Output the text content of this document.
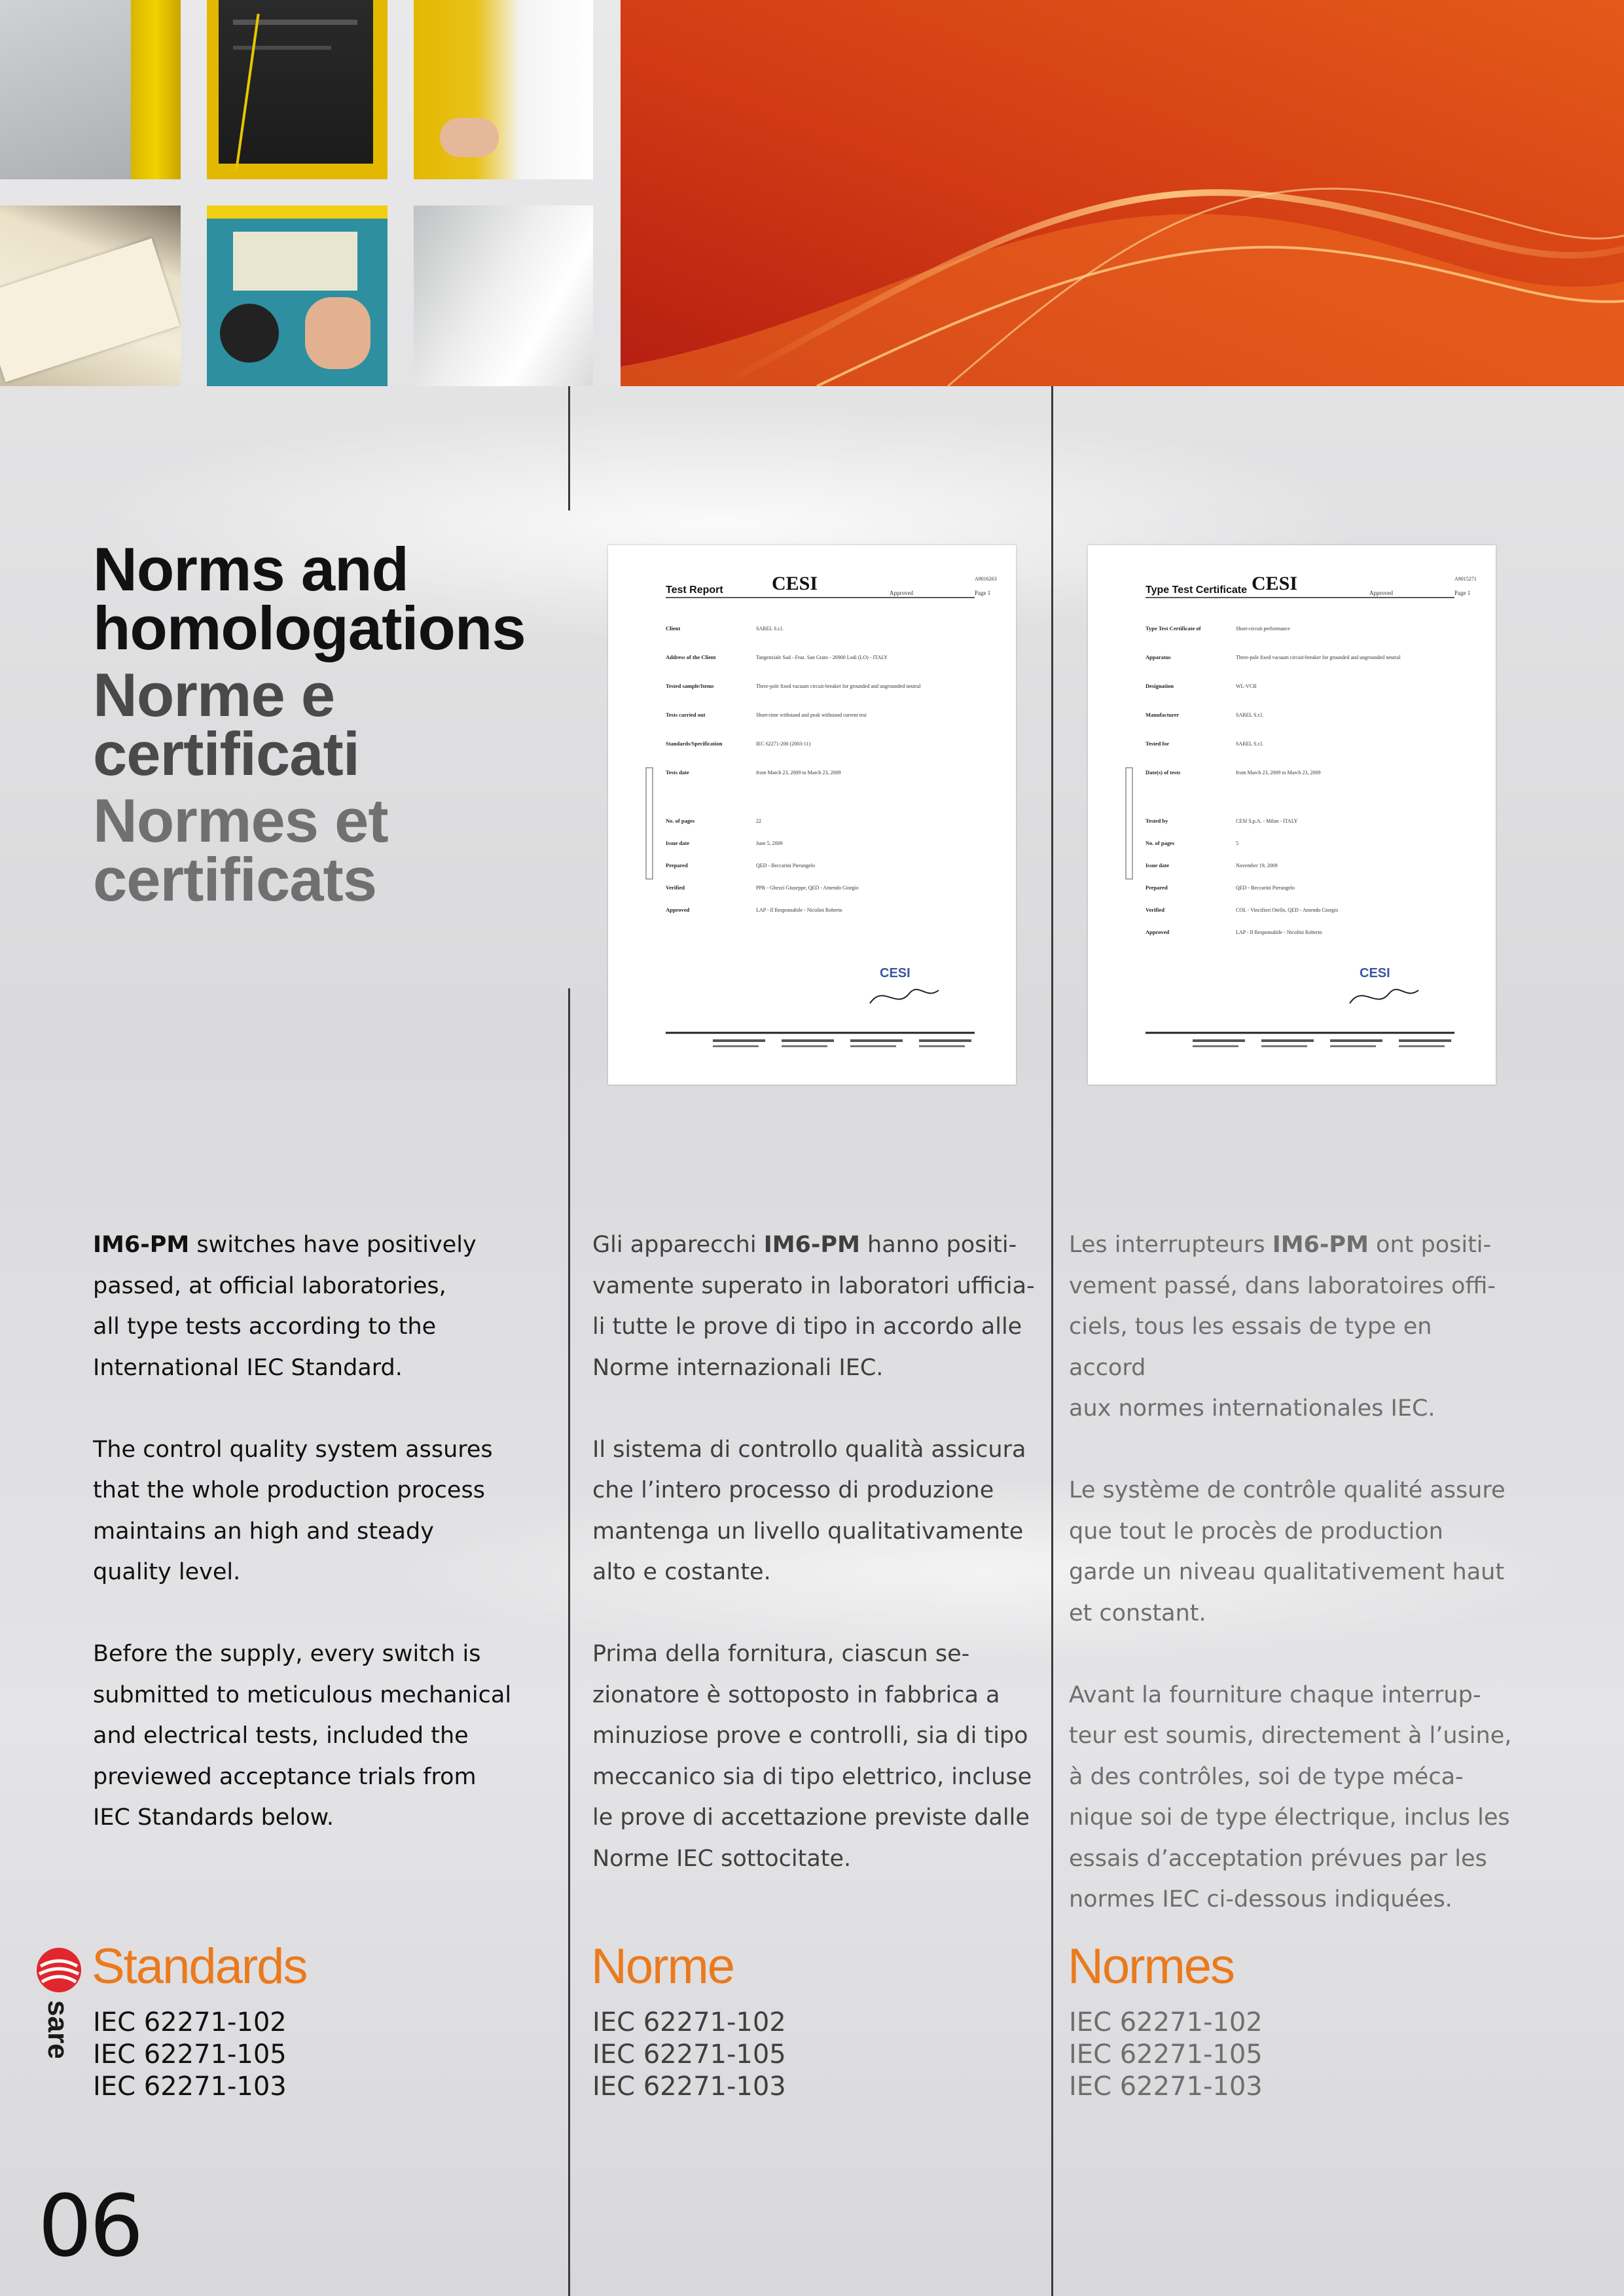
Norms and
homologations
Norme e
certificati
Normes et
certificats
Test Report CESI	Approved
A9016263
Page 1
Client	SAREL S.r.l.
Address of the Client	Tangenziale Sud - Fraz. San Grato - 26900 Lodi (LO) - ITALY
Tested sample/Items	Three-pole fixed vacuum circuit-breaker for grounded and ungrounded neutral
Tests carried out	Short-time withstand and peak withstand current test
Standards/Specification	IEC 62271-200 (2003-11)
Tests date	from March 23, 2009 to March 23, 2009
No. of pages	22
Issue date	June 5, 2009
Prepared	QED - Beccarini Pierangelo
Verified	PPR - Ghezzi Giuseppe, QED - Amendo Giorgio
Approved	LAP - Il Responsabile - Nicolini Roberto
CESI
Type Test Certificate CESI	Approved
A9015271
Page 1
Type Test Certificate of	Short-circuit performance
Apparatus	Three-pole fixed vacuum circuit-breaker for grounded and ungrounded neutral
Designation	WL-VCB
Manufacturer	SAREL S.r.l.
Tested for	SAREL S.r.l.
Date(s) of tests	from March 23, 2009 to March 23, 2009
Tested by	CESI S.p.A. - Milan - ITALY
No. of pages	5
Issue date	November 19, 2009
Prepared	QED - Beccarini Pierangelo
Verified	COL - Vincifiori Otello, QED - Amendo Giorgio
Approved	LAP - Il Responsabile - Nicolini Roberto
CESI

IM6-PM switches have positively
passed, at official laboratories,
all type tests according to the
International IEC Standard.

The control quality system assures
that the whole production process
maintains an high and steady
quality level.

Before the supply, every switch is
submitted to meticulous mechanical
and electrical tests, included the
previewed acceptance trials from
IEC Standards below.

Gli apparecchi IM6-PM hanno positi-
vamente superato in laboratori ufficia-
li tutte le prove di tipo in accordo alle
Norme internazionali IEC.

Il sistema di controllo qualità assicura
che l’intero processo di produzione
mantenga un livello qualitativamente
alto e costante.

Prima della fornitura, ciascun se-
zionatore è sottoposto in fabbrica a
minuziose prove e controlli, sia di tipo
meccanico sia di tipo elettrico, incluse
le prove di accettazione previste dalle
Norme IEC sottocitate.

Les interrupteurs IM6-PM ont positi-
vement passé, dans laboratoires offi-
ciels, tous les essais de type en accord
aux normes internationales IEC.

Le système de contrôle qualité assure
que tout le procès de production
garde un niveau qualitativement haut
et constant.

Avant la fourniture chaque interrup-
teur est soumis, directement à l’usine,
à des contrôles, soi de type méca-
nique soi de type électrique, inclus les
essais d’acceptation prévues par les
normes IEC ci-dessous indiquées.

Standards	Norme	Normes
IEC 62271-102
IEC 62271-105
IEC 62271-103
IEC 62271-102
IEC 62271-105
IEC 62271-103
IEC 62271-102
IEC 62271-105
IEC 62271-103
sarel
06
